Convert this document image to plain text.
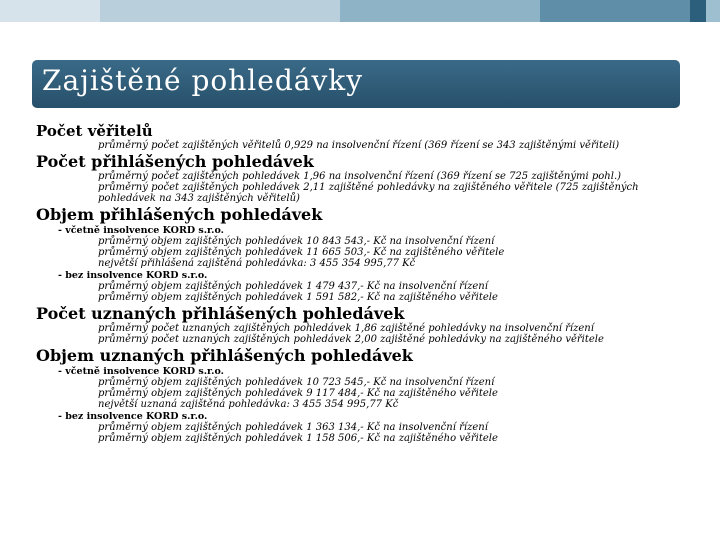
Zajištěné pohledávky
Počet věřitelů
průměrný počet zajištěných věřitelů 0,929 na insolvenční řízení (369 řízení se 343 zajištěnými věřiteli)
Počet přihlášených pohledávek
průměrný počet zajištěných pohledávek 1,96 na insolvenční řízení (369 řízení se 725 zajištěnými pohl.)
průměrný počet zajištěných pohledávek 2,11 zajištěné pohledávky na zajištěného věřitele (725 zajištěných pohledávek na 343 zajištěných věřitelů)
Objem přihlášených pohledávek
- včetně insolvence KORD s.r.o.
průměrný objem zajištěných pohledávek 10 843 543,- Kč na insolvenční řízení
průměrný objem zajištěných pohledávek 11 665 503,- Kč na zajištěného věřitele
největší přihlášená zajištěná pohledávka: 3 455 354 995,77 Kč
- bez insolvence KORD s.r.o.
průměrný objem zajištěných pohledávek 1 479 437,- Kč na insolvenční řízení
průměrný objem zajištěných pohledávek 1 591 582,- Kč na zajištěného věřitele
Počet uznaných přihlášených pohledávek
průměrný počet uznaných zajištěných pohledávek 1,86 zajištěné pohledávky na insolvenční řízení
průměrný počet uznaných zajištěných pohledávek 2,00 zajištěné pohledávky na zajištěného věřitele
Objem uznaných přihlášených pohledávek
- včetně insolvence KORD s.r.o.
průměrný objem zajištěných pohledávek 10 723 545,- Kč na insolvenční řízení
průměrný objem zajištěných pohledávek 9 117 484,- Kč na zajištěného věřitele
největší uznaná zajištěná pohledávka: 3 455 354 995,77 Kč
- bez insolvence KORD s.r.o.
průměrný objem zajištěných pohledávek 1 363 134,- Kč na insolvenční řízení
průměrný objem zajištěných pohledávek 1 158 506,- Kč na zajištěného věřitele
